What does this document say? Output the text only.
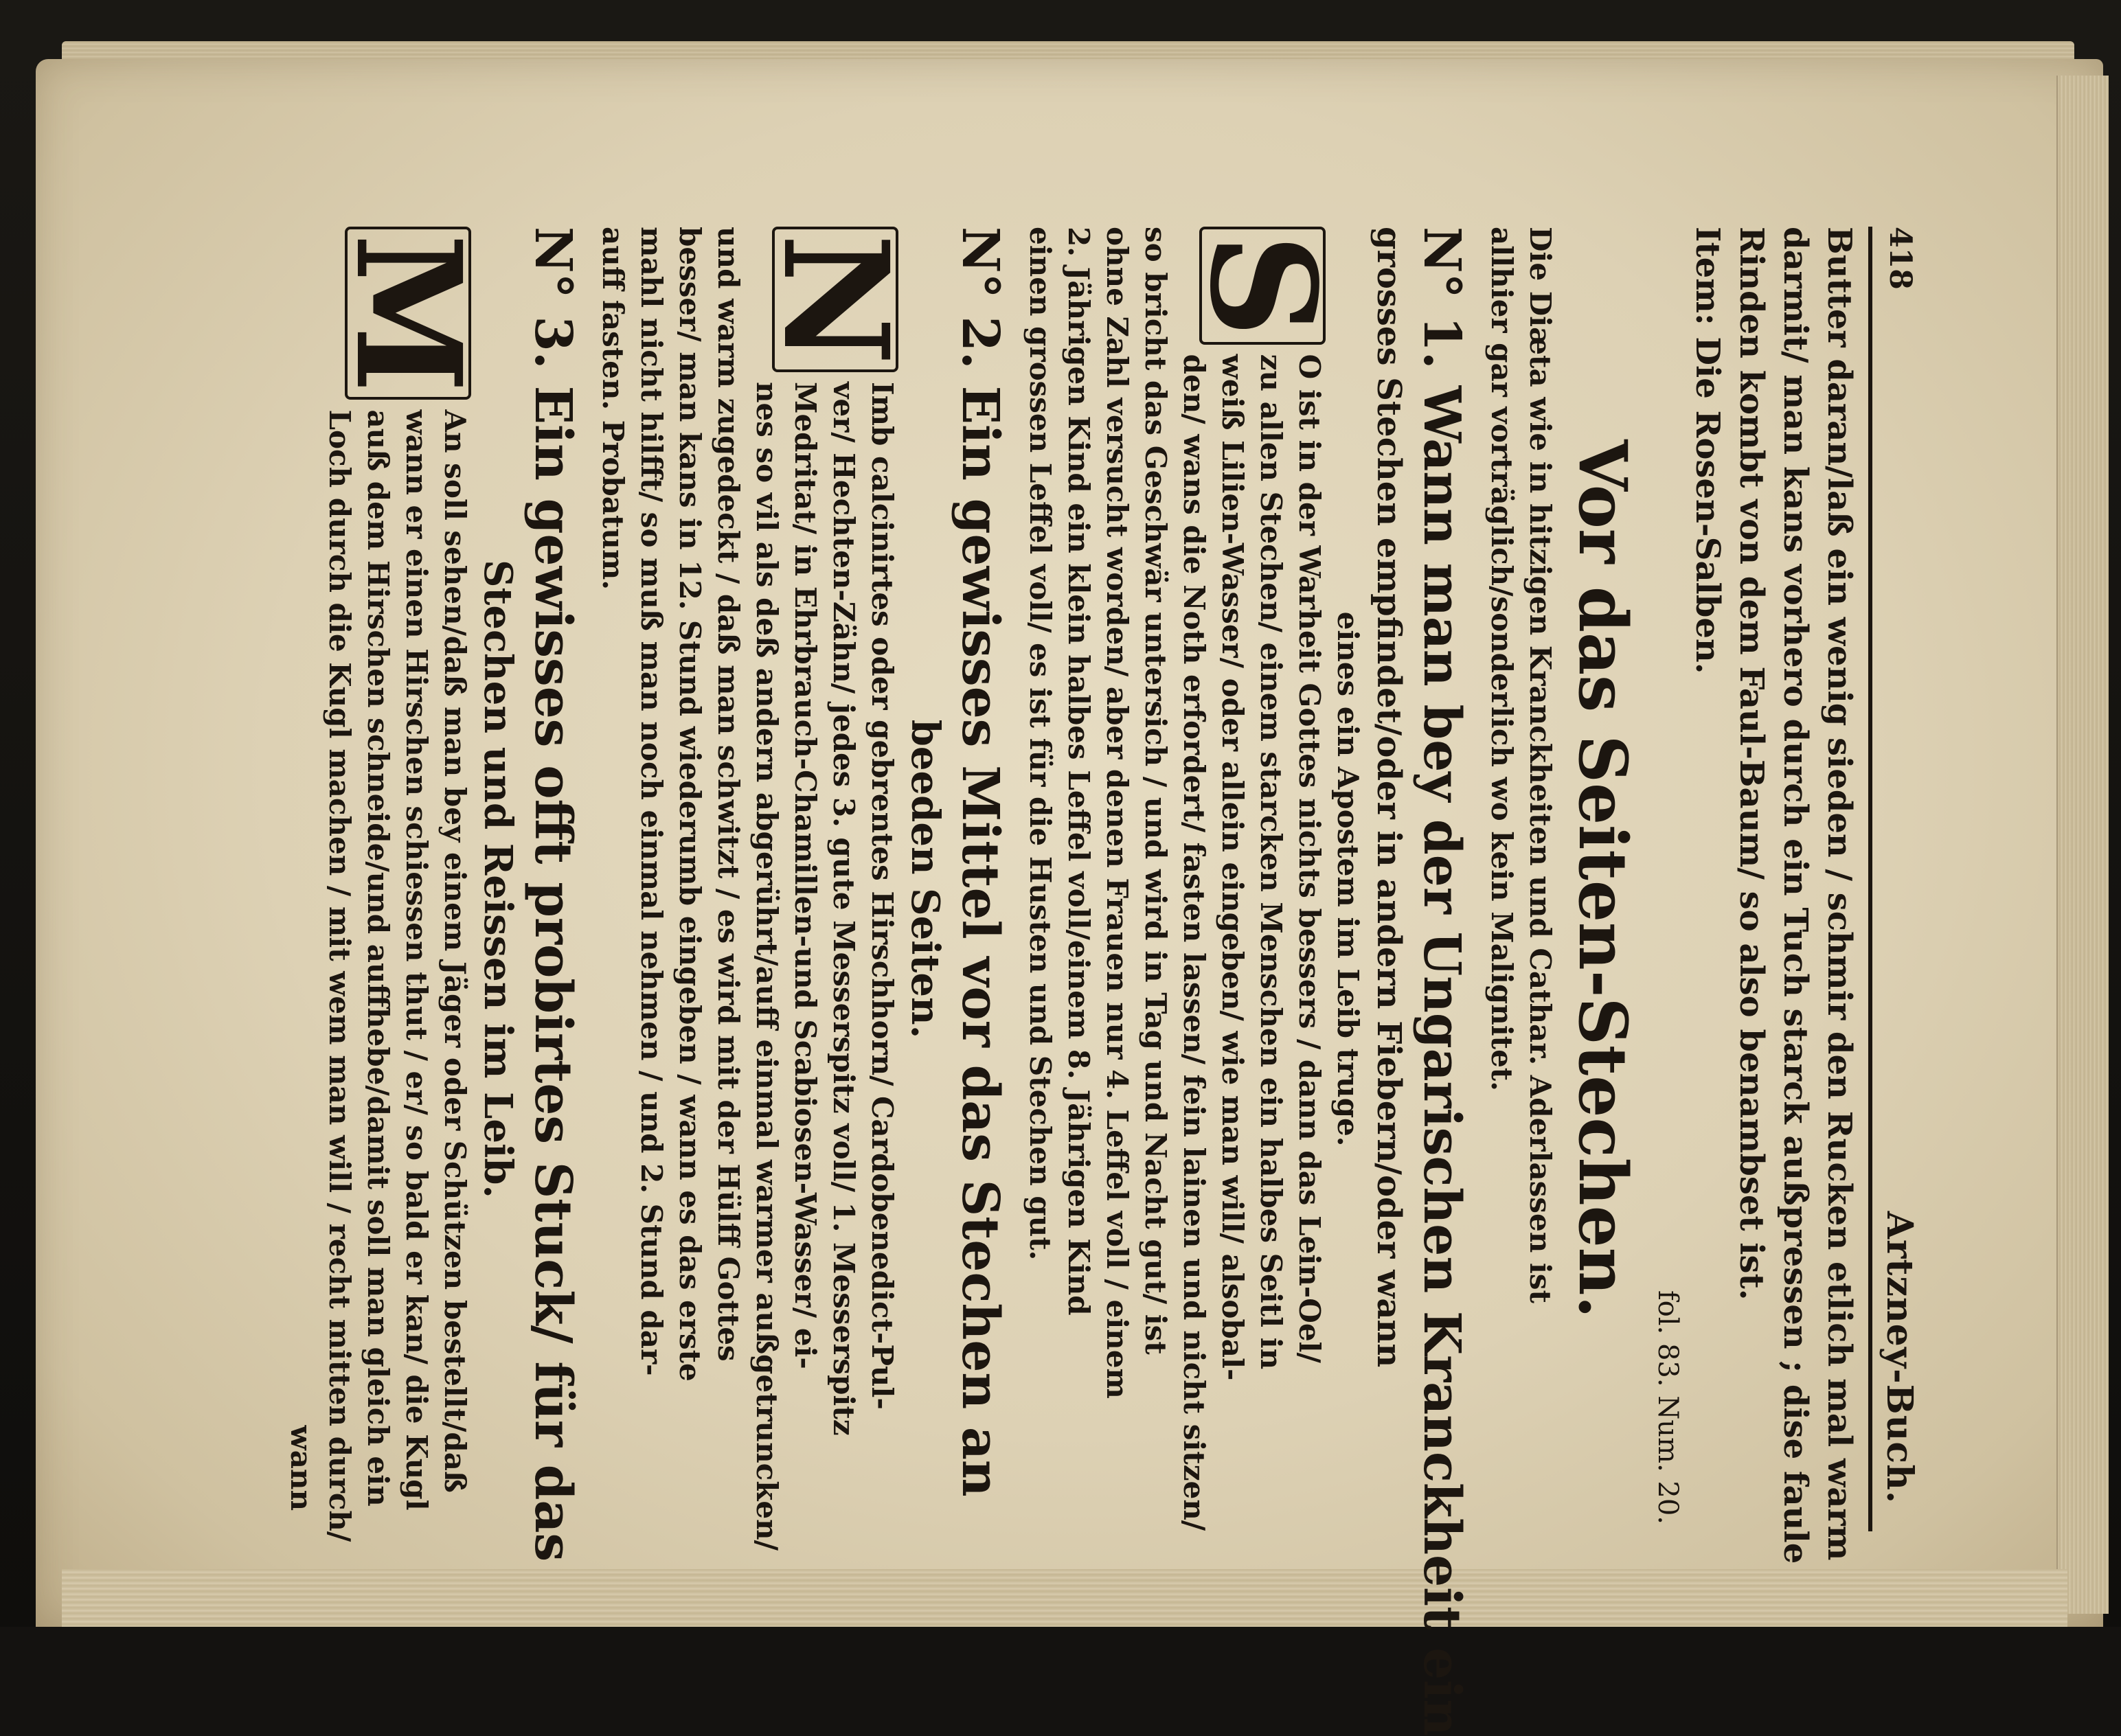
418
Artzney-Buch.
Butter daran/laß ein wenig sieden / schmir den Rucken etlich mal warm
darmit/ man kans vorhero durch ein Tuch starck außpressen ; dise faule
Rinden kombt von dem Faul-Baum/ so also benambset ist.
Item: Die Rosen-Salben.
fol. 83. Num. 20.
Vor das Seiten-Stechen.
Die Diæta wie in hitzigen Kranckheiten und Cathar. Aderlassen ist
allhier gar vorträglich/sonderlich wo kein Malignitet.
N° 1.Wann man bey der Ungarischen Kranckheit ein
grosses Stechen empfindet/oder in andern Fiebern/oder wann
eines ein Apostem im Leib truge.
S
O ist in der Warheit Gottes nichts bessers / dann das Lein-Oel/
zu allen Stechen/ einem starcken Menschen ein halbes Seitl in
weiß Lilien-Wasser/ oder allein eingeben/ wie man will/ alsobal-
den/ wans die Noth erfordert/ fasten lassen/ fein lainen und nicht sitzen/
so bricht das Geschwär untersich / und wird in Tag und Nacht gut/ ist
ohne Zahl versucht worden/ aber denen Frauen nur 4. Leffel voll / einem
2. Jährigen Kind ein klein halbes Leffel voll/einem 8. Jährigen Kind
einen grossen Leffel voll/ es ist für die Husten und Stechen gut.
N° 2.Ein gewisses Mittel vor das Stechen an
beeden Seiten.
N
Imb calcinirtes oder gebrentes Hirschhorn/ Cardobenedict-Pul-
ver/ Hechten-Zähn/ jedes 3. gute Messerspitz voll/ 1. Messerspitz
Medritat/ in Ehrbrauch-Chamillen-und Scabiosen-Wasser/ ei-
nes so vil als deß andern abgerührt/auff einmal warmer außgetruncken/
und warm zugedeckt / daß man schwitzt / es wird mit der Hülff Gottes
besser/ man kans in 12. Stund wiederumb eingeben / wann es das erste
mahl nicht hilfft/ so muß man noch einmal nehmen / und 2. Stund dar-
auff fasten. Probatum.
N° 3.Ein gewisses offt probirtes Stuck/ für das
Stechen und Reissen im Leib.
M
An soll sehen/daß man bey einem Jäger oder Schützen bestellt/daß
wann er einen Hirschen schiessen thut / er/ so bald er kan/ die Kugl
auß dem Hirschen schneide/und auffhebe/damit soll man gleich ein
Loch durch die Kugl machen / mit wem man will / recht mitten durch/
wann
